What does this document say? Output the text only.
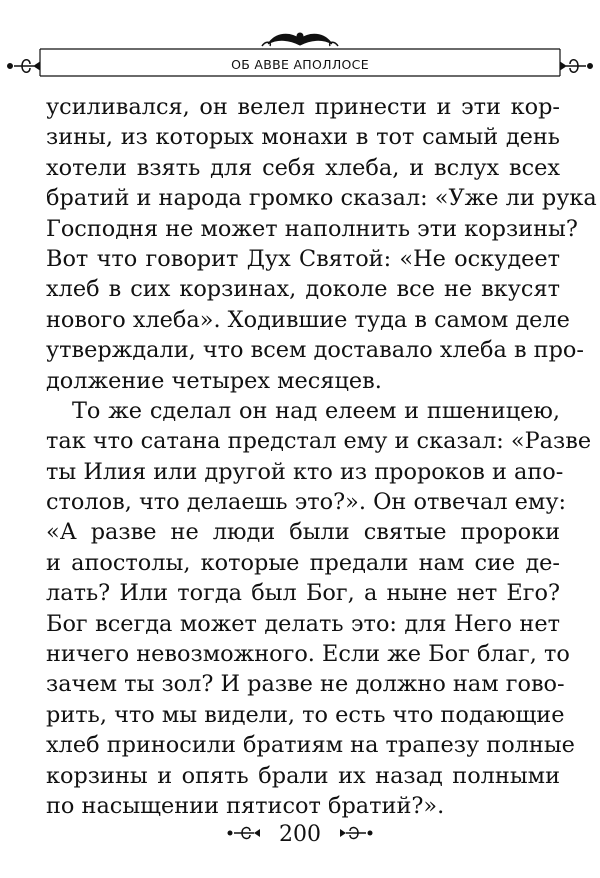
ОБ АВВЕ АПОЛЛОСЕ
усиливался, он велел принести и эти кор-
зины, из которых монахи в тот самый день
хотели взять для себя хлеба, и вслух всех
братий и народа громко сказал: «Уже ли рука
Господня не может наполнить эти корзины?
Вот что говорит Дух Святой: «Не оскудеет
хлеб в сих корзинах, доколе все не вкусят
нового хлеба». Ходившие туда в самом деле
утверждали, что всем доставало хлеба в про-
должение четырех месяцев.
То же сделал он над елеем и пшеницею,
так что сатана предстал ему и сказал: «Разве
ты Илия или другой кто из пророков и апо-
столов, что делаешь это?». Он отвечал ему:
«А разве не люди были святые пророки
и апостолы, которые предали нам сие де-
лать? Или тогда был Бог, а ныне нет Его?
Бог всегда может делать это: для Него нет
ничего невозможного. Если же Бог благ, то
зачем ты зол? И разве не должно нам гово-
рить, что мы видели, то есть что подающие
хлеб приносили братиям на трапезу полные
корзины и опять брали их назад полными
по насыщении пятисот братий?».
200
